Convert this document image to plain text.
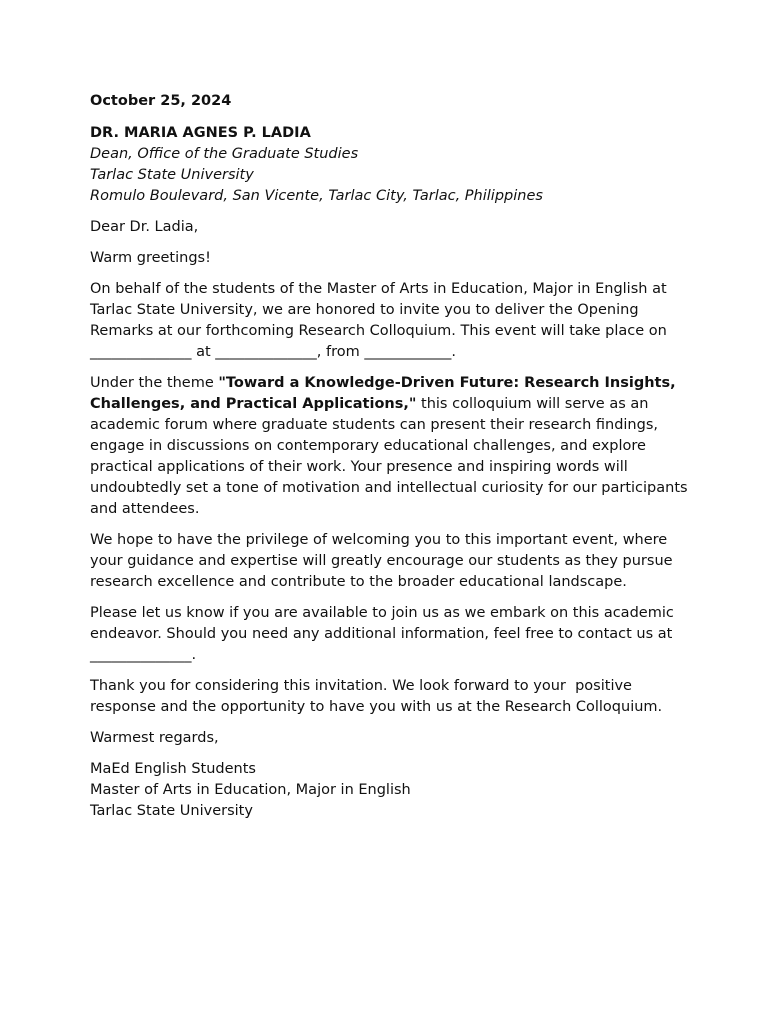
October 25, 2024

DR. MARIA AGNES P. LADIA
Dean, Office of the Graduate Studies
Tarlac State University
Romulo Boulevard, San Vicente, Tarlac City, Tarlac, Philippines

Dear Dr. Ladia,

Warm greetings!

On behalf of the students of the Master of Arts in Education, Major in English at Tarlac State University, we are honored to invite you to deliver the Opening Remarks at our forthcoming Research Colloquium. This event will take place on ______________ at ______________, from ____________.

Under the theme "Toward a Knowledge-Driven Future: Research Insights, Challenges, and Practical Applications," this colloquium will serve as an academic forum where graduate students can present their research findings, engage in discussions on contemporary educational challenges, and explore practical applications of their work. Your presence and inspiring words will undoubtedly set a tone of motivation and intellectual curiosity for our participants and attendees.

We hope to have the privilege of welcoming you to this important event, where your guidance and expertise will greatly encourage our students as they pursue research excellence and contribute to the broader educational landscape.

Please let us know if you are available to join us as we embark on this academic endeavor. Should you need any additional information, feel free to contact us at ______________.

Thank you for considering this invitation. We look forward to your  positive response and the opportunity to have you with us at the Research Colloquium.

Warmest regards,

MaEd English Students
Master of Arts in Education, Major in English
Tarlac State University
